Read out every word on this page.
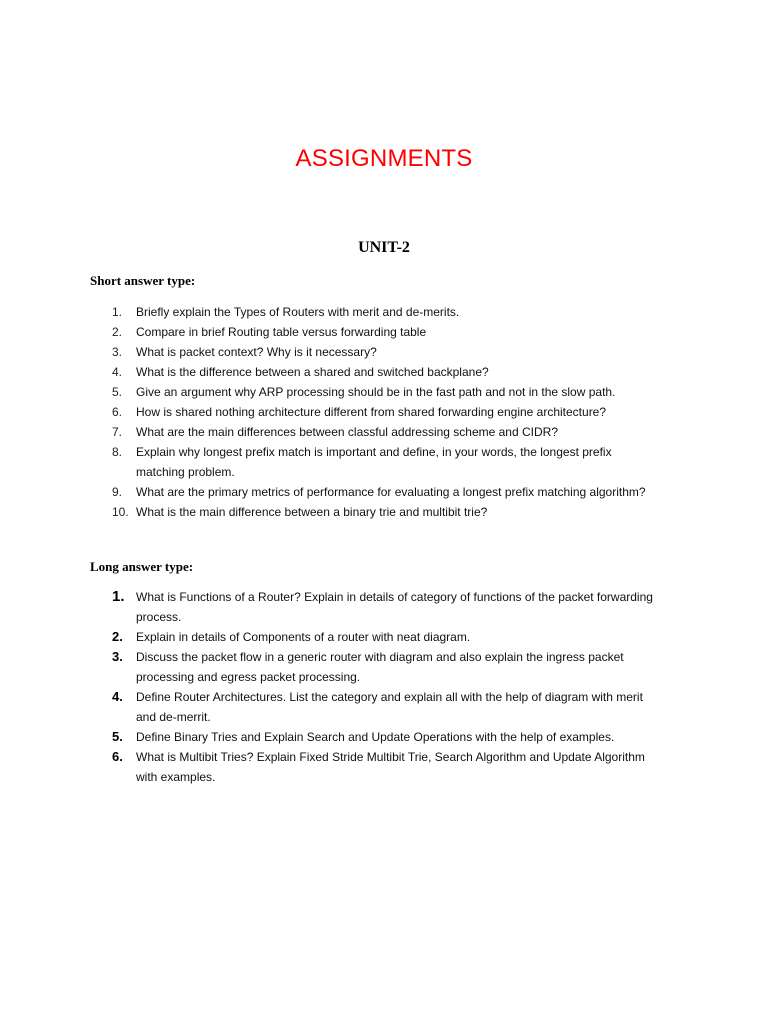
ASSIGNMENTS
UNIT-2
Short answer type:
1.	Briefly explain the Types of Routers with merit and de-merits.
2.	Compare in brief Routing table versus forwarding table
3.	What is packet context? Why is it necessary?
4.	What is the difference between a shared and switched backplane?
5.	Give an argument why ARP processing should be in the fast path and not in the slow path.
6.	How is shared nothing architecture different from shared forwarding engine architecture?
7.	What are the main differences between classful addressing scheme and CIDR?
8.	Explain why longest prefix match is important and define, in your words, the longest prefix matching problem.
9.	What are the primary metrics of performance for evaluating a longest prefix matching algorithm?
10. What is the main difference between a binary trie and multibit trie?
Long answer type:
1. What is Functions of a Router? Explain in details of category of functions of the packet forwarding process.
2.	Explain in details of Components of a router with neat diagram.
3.	Discuss the packet flow in a generic router with diagram and also explain the ingress packet processing and egress packet processing.
4.	Define Router Architectures. List the category and explain all with the help of diagram with merit and de-merrit.
5.	Define Binary Tries and Explain Search and Update Operations with the help of examples.
6.	What is Multibit Tries? Explain Fixed Stride Multibit Trie, Search Algorithm and Update Algorithm with examples.
